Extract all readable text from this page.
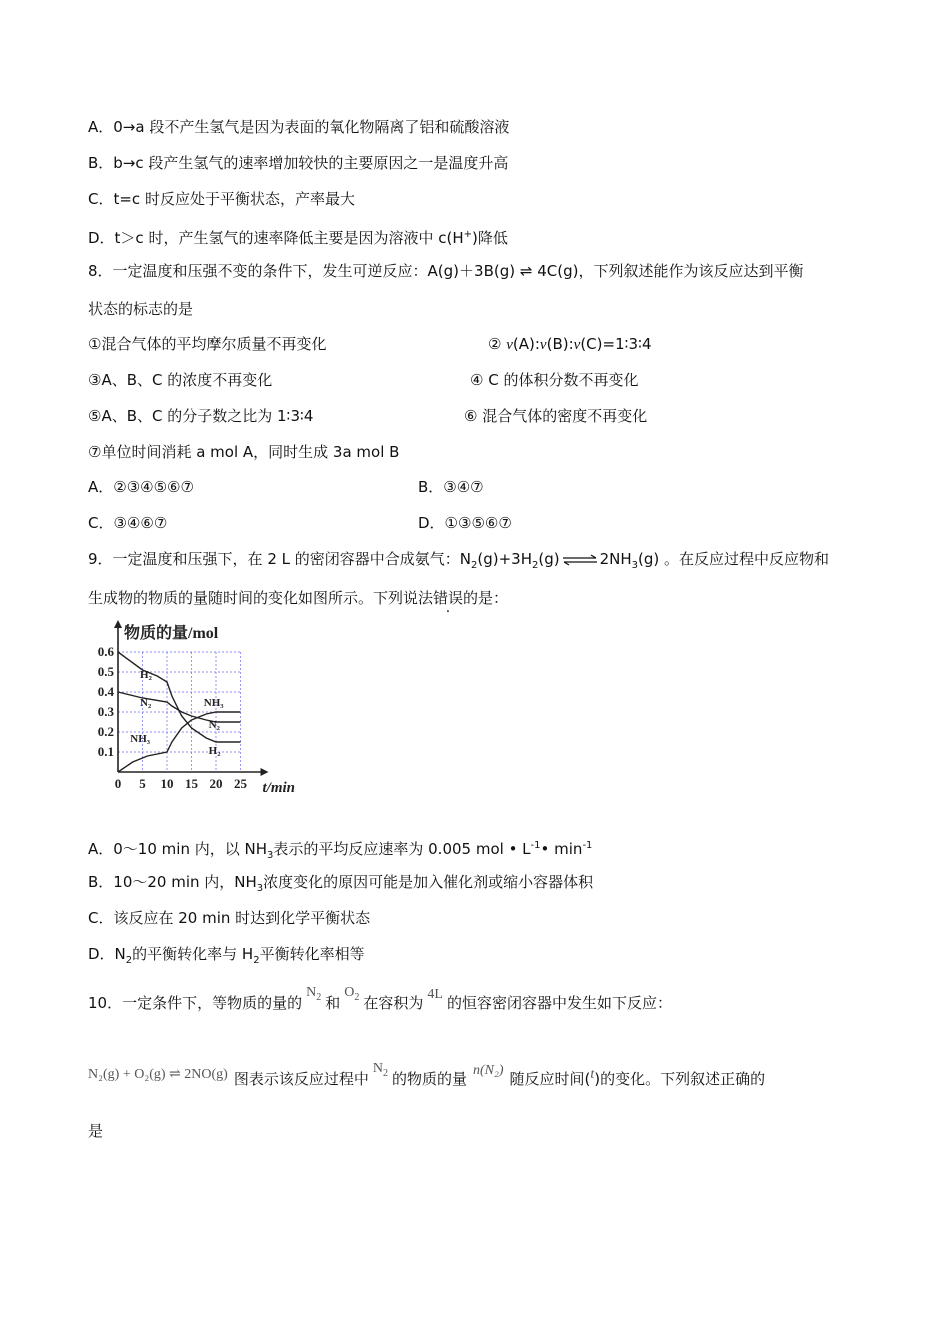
A．0→a 段不产生氢气是因为表面的氧化物隔离了铝和硫酸溶液
B．b→c 段产生氢气的速率增加较快的主要原因之一是温度升高
C．t=c 时反应处于平衡状态，产率最大
D．t＞c 时，产生氢气的速率降低主要是因为溶液中 c(H+)降低
8．一定温度和压强不变的条件下，发生可逆反应：A(g)＋3B(g) ⇌ 4C(g)，下列叙述能作为该反应达到平衡
状态的标志的是
①混合气体的平均摩尔质量不再变化	② v(A):v(B):v(C)=1∶3∶4
③A、B、C 的浓度不再变化	④ C 的体积分数不再变化
⑤A、B、C 的分子数之比为 1∶3∶4	⑥ 混合气体的密度不再变化
⑦单位时间消耗 a mol A，同时生成 3a mol B
A．②③④⑤⑥⑦	B．③④⑦
C．③④⑥⑦	D．①③⑤⑥⑦
9．一定温度和压强下，在 2 L 的密闭容器中合成氨气：$N_2(g)+3H_2(g)$ ⇌ $2NH_3(g)$ 。在反应过程中反应物和
生成物的物质的量随时间的变化如图所示。下列说法错误的是：
0 5 10 15 20 25
0.1
0.2
0.3
0.4
0.5
0.6
物质的量/mol
t/min
H₂
N₂	NH₃
N₂
NH₃
H₂
A．0～10 min 内，以 $NH_3$表示的平均反应速率为 0.005 mol • $L^{-1}•$ $\min^{-1}$
B．10～20 min 内，$NH_3$浓度变化的原因可能是加入催化剂或缩小容器体积
C．该反应在 20 min 时达到化学平衡状态
D．$N_2$的平衡转化率与 $H_2$平衡转化率相等
10．一定条件下，等物质的量的$N_2$ 和$O_2$ 在容积为 4L 的恒容密闭容器中发生如下反应：
N₂(g) + O₂(g) ⇌ 2NO(g) 图表示该反应过程中$N_2$ 的物质的量 n(N₂) 随反应时间(t)的变化。下列叙述正确的
是
